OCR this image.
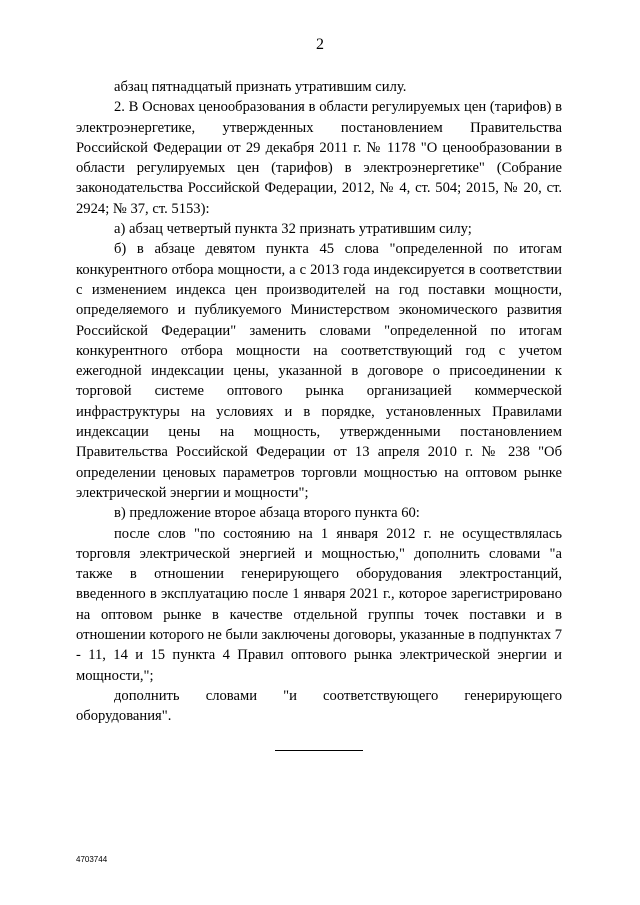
2

абзац пятнадцатый признать утратившим силу.

2. В Основах ценообразования в области регулируемых цен (тарифов) в электроэнергетике, утвержденных постановлением Правительства Российской Федерации от 29 декабря 2011 г. № 1178 "О ценообразовании в области регулируемых цен (тарифов) в электроэнергетике" (Собрание законодательства Российской Федерации, 2012, № 4, ст. 504; 2015, № 20, ст. 2924; № 37, ст. 5153):

а) абзац четвертый пункта 32 признать утратившим силу;

б) в абзаце девятом пункта 45 слова "определенной по итогам конкурентного отбора мощности, а с 2013 года индексируется в соответствии с изменением индекса цен производителей на год поставки мощности, определяемого и публикуемого Министерством экономического развития Российской Федерации" заменить словами "определенной по итогам конкурентного отбора мощности на соответствующий год с учетом ежегодной индексации цены, указанной в договоре о присоединении к торговой системе оптового рынка организацией коммерческой инфраструктуры на условиях и в порядке, установленных Правилами индексации цены на мощность, утвержденными постановлением Правительства Российской Федерации от 13 апреля 2010 г. № 238 "Об определении ценовых параметров торговли мощностью на оптовом рынке электрической энергии и мощности";

в) предложение второе абзаца второго пункта 60:

после слов "по состоянию на 1 января 2012 г. не осуществлялась торговля электрической энергией и мощностью," дополнить словами "а также в отношении генерирующего оборудования электростанций, введенного в эксплуатацию после 1 января 2021 г., которое зарегистрировано на оптовом рынке в качестве отдельной группы точек поставки и в отношении которого не были заключены договоры, указанные в подпунктах 7 - 11, 14 и 15 пункта 4 Правил оптового рынка электрической энергии и мощности,";

дополнить словами "и соответствующего генерирующего оборудования".

4703744
